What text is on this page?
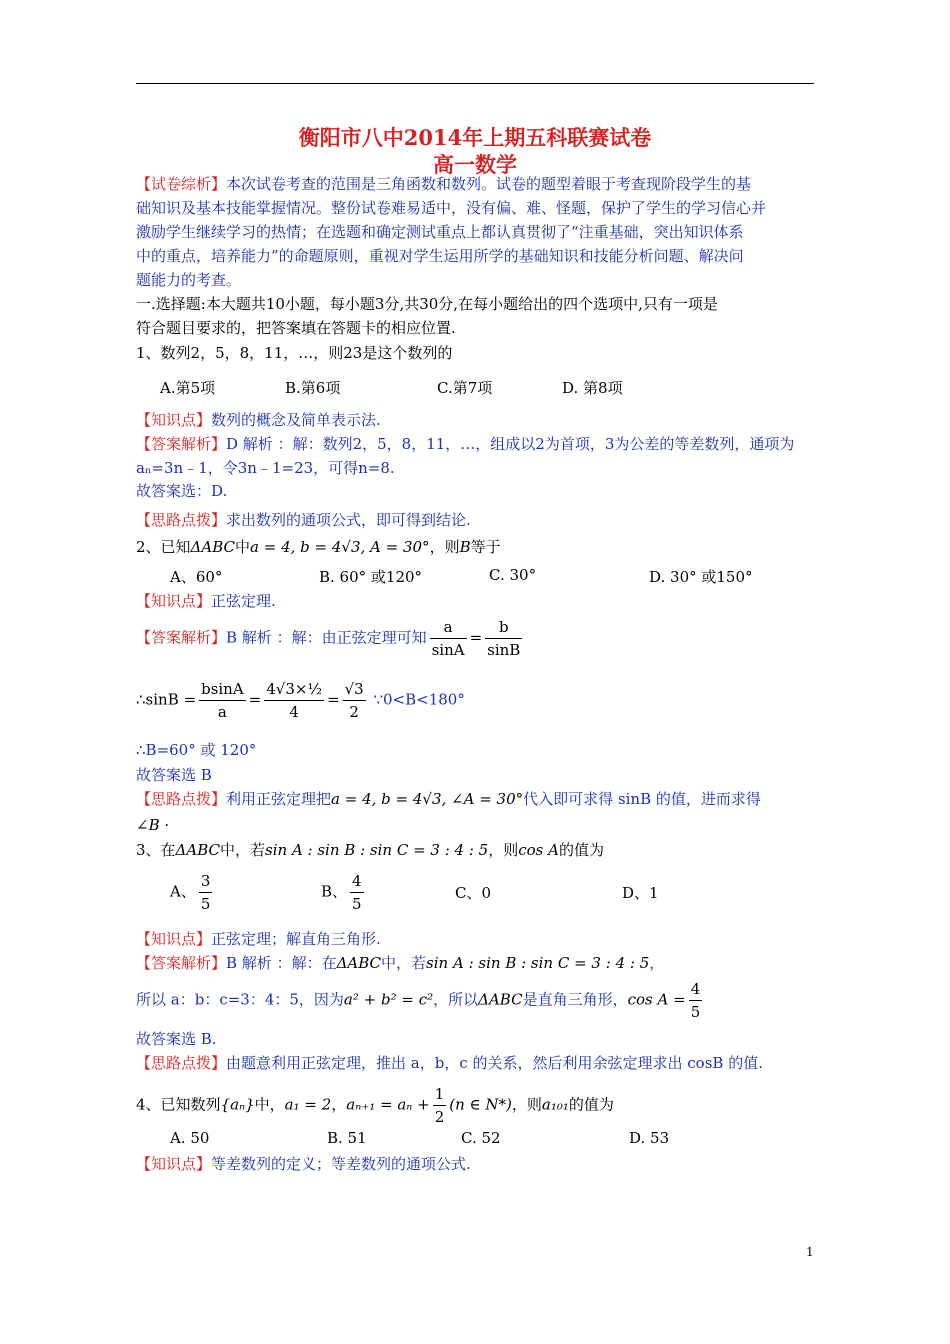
衡阳市八中2014年上期五科联赛试卷
高一数学
【试卷综析】本次试卷考查的范围是三角函数和数列。试卷的题型着眼于考查现阶段学生的基
础知识及基本技能掌握情况。整份试卷难易适中，没有偏、难、怪题，保护了学生的学习信心并
激励学生继续学习的热情；在选题和确定测试重点上都认真贯彻了“注重基础，突出知识体系
中的重点，培养能力”的命题原则，重视对学生运用所学的基础知识和技能分析问题、解决问
题能力的考查。
一.选择题:本大题共10小题，每小题3分,共30分,在每小题给出的四个选项中,只有一项是
符合题目要求的，把答案填在答题卡的相应位置.
1、数列2，5，8，11，…，则23是这个数列的
A.第5项	B.第6项	C.第7项	D. 第8项
【知识点】数列的概念及简单表示法.
【答案解析】D 解析 ：解：数列2，5，8，11，…，组成以2为首项，3为公差的等差数列，通项为
aₙ=3n﹣1，令3n﹣1=23，可得n=8.
故答案选：D.
【思路点拨】求出数列的通项公式，即可得到结论.
2、已知ΔABC中a = 4, b = 4√3, A = 30°，则B等于
A、60°	B. 60° 或120°	C. 30°	D. 30° 或150°
【知识点】正弦定理.
【答案解析】B 解析 ：解：由正弦定理可知 $\frac{a}{\sin A} = \frac{b}{\sin B}$
∴sinB = $\frac{bsinA}{a} = \frac{\text{4√3×½}}{4} = \frac{√3}{2}$ ∵0<B<180°
∴B=60° 或 120°
故答案选 B
【思路点拨】利用正弦定理把a = 4, b = 4√3, ∠A = 30°代入即可求得 sinB 的值，进而求得
∠B ·
3、在ΔABC中，若sin A : sin B : sin C = 3 : 4 : 5，则cos A的值为
A、 $\frac{3}{5}$	B、 $\frac{4}{5}$	C、0	D、1
【知识点】正弦定理；解直角三角形.
【答案解析】B 解析 ：解：在ΔABC中，若sin A : sin B : sin C = 3 : 4 : 5，
所以 a：b：c=3：4：5，因为a² + b² = c²，所以ΔABC是直角三角形，$\cos A = \frac{4}{5}$
故答案选 B.
【思路点拨】由题意利用正弦定理，推出 a，b，c 的关系，然后利用余弦定理求出 cosB 的值.
4、已知数列{aₙ}中，a₁ = 2，$a_{n+1} = a_n + \frac{1}{2} (n$ ∈ N*)，则a₁₀₁的值为
A. 50	B. 51	C. 52	D. 53
【知识点】等差数列的定义；等差数列的通项公式.
1
